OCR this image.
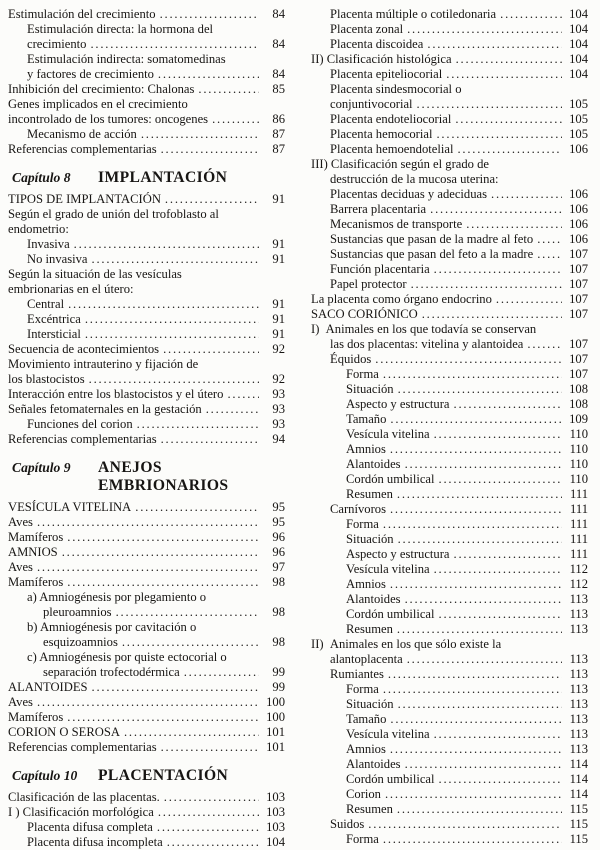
Estimulación del crecimiento .....	84
Estimulación directa: la hormona del
crecimiento .....	84
Estimulación indirecta: somatomedinas
y factores de crecimiento .....	84
Inhibición del crecimiento: Chalonas .....	85
Genes implicados en el crecimiento
incontrolado de los tumores: oncogenes .....	86
Mecanismo de acción .....	87
Referencias complementarias .....	87
Capítulo 8	IMPLANTACIÓN
TIPOS DE IMPLANTACIÓN .....	91
Según el grado de unión del trofoblasto al
endometrio:
Invasiva .....	91
No invasiva .....	91
Según la situación de las vesículas
embrionarias en el útero:
Central .....	91
Excéntrica .....	91
Intersticial .....	91
Secuencia de acontecimientos .....	92
Movimiento intrauterino y fijación de
los blastocistos .....	92
Interacción entre los blastocistos y el útero .....	93
Señales fetomaternales en la gestación .....	93
Funciones del corion .....	93
Referencias complementarias .....	94
Capítulo 9	ANEJOS EMBRIONARIOS
VESÍCULA VITELINA .....	95
Aves .....	95
Mamíferos .....	96
AMNIOS .....	96
Aves .....	97
Mamíferos .....	98
a) Amniogénesis por plegamiento o
pleuroamnios .....	98
b) Amniogénesis por cavitación o
esquizoamnios .....	98
c) Amniogénesis por quiste ectocorial o
separación trofectodérmica .....	99
ALANTOIDES .....	99
Aves .....	100
Mamíferos .....	100
CORION O SEROSA .....	101
Referencias complementarias .....	101
Capítulo 10	PLACENTACIÓN
Clasificación de las placentas. .....	103
I ) Clasificación morfológica .....	103
Placenta difusa completa .....	103
Placenta difusa incompleta .....	104
Placenta múltiple o cotiledonaria .....	104
Placenta zonal .....	104
Placenta discoidea .....	104
II) Clasificación histológica .....	104
Placenta epiteliocorial .....	104
Placenta sindesmocorial o
conjuntivocorial .....	105
Placenta endoteliocorial .....	105
Placenta hemocorial .....	105
Placenta hemoendotelial .....	106
III) Clasificación según el grado de
destrucción de la mucosa uterina:
Placentas deciduas y adeciduas .....	106
Barrera placentaria .....	106
Mecanismos de transporte .....	106
Sustancias que pasan de la madre al feto .....	106
Sustancias que pasan del feto a la madre .....	107
Función placentaria .....	107
Papel protector .....	107
La placenta como órgano endocrino .....	107
SACO CORIÓNICO .....	107
I)  Animales en los que todavía se conservan
las dos placentas: vitelina y alantoidea .....	107
Équidos .....	107
Forma .....	107
Situación .....	108
Aspecto y estructura .....	108
Tamaño .....	109
Vesícula vitelina .....	110
Amnios .....	110
Alantoides .....	110
Cordón umbilical .....	110
Resumen .....	111
Carnívoros .....	111
Forma .....	111
Situación .....	111
Aspecto y estructura .....	111
Vesícula vitelina .....	112
Amnios .....	112
Alantoides .....	113
Cordón umbilical .....	113
Resumen .....	113
II)  Animales en los que sólo existe la
alantoplacenta .....	113
Rumiantes .....	113
Forma .....	113
Situación .....	113
Tamaño .....	113
Vesícula vitelina .....	113
Amnios .....	113
Alantoides .....	114
Cordón umbilical .....	114
Corion .....	114
Resumen .....	115
Suidos .....	115
Forma .....	115
